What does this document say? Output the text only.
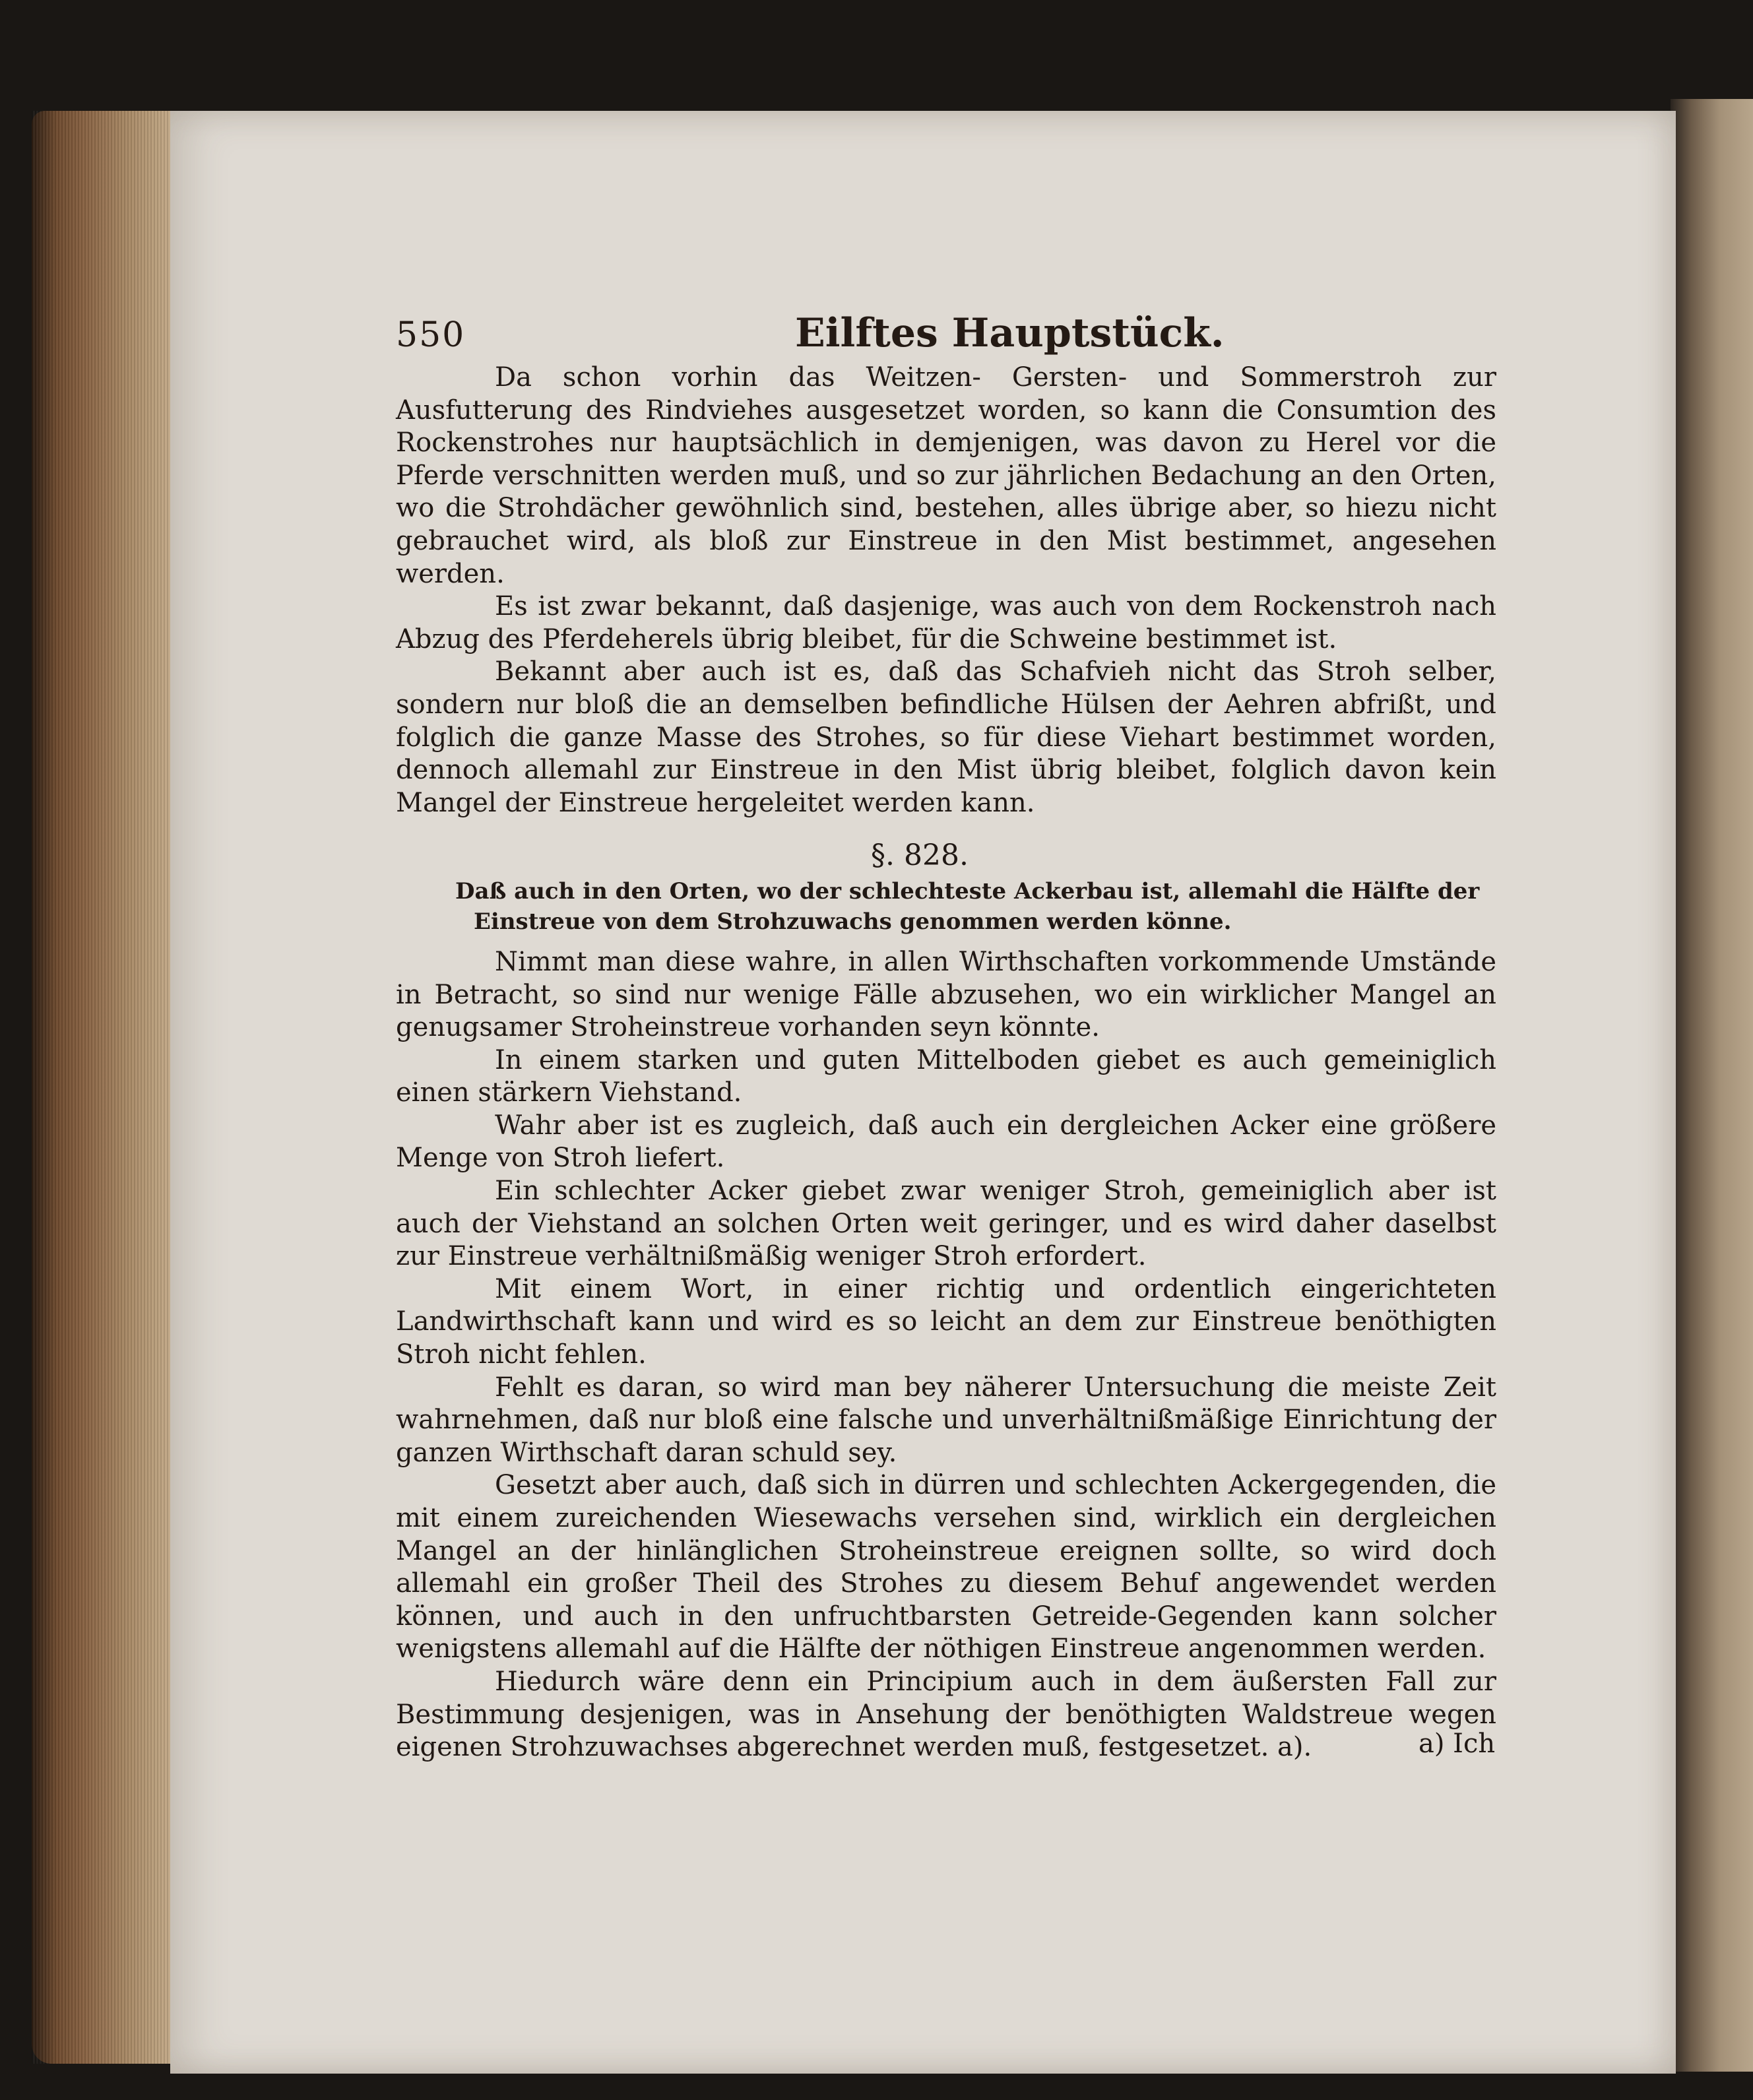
550	Eilftes Hauptstück.

Da schon vorhin das Weitzen- Gersten- und Sommerstroh zur Ausfutterung des Rindviehes ausgesetzet worden, so kann die Consumtion des Rockenstrohes nur hauptsächlich in demjenigen, was davon zu Herel vor die Pferde verschnitten werden muß, und so zur jährlichen Bedachung an den Orten, wo die Strohdächer gewöhnlich sind, bestehen, alles übrige aber, so hiezu nicht gebrauchet wird, als bloß zur Einstreue in den Mist bestimmet, angesehen werden.

Es ist zwar bekannt, daß dasjenige, was auch von dem Rockenstroh nach Abzug des Pferdeherels übrig bleibet, für die Schweine bestimmet ist.

Bekannt aber auch ist es, daß das Schafvieh nicht das Stroh selber, sondern nur bloß die an demselben befindliche Hülsen der Aehren abfrißt, und folglich die ganze Masse des Strohes, so für diese Viehart bestimmet worden, dennoch allemahl zur Einstreue in den Mist übrig bleibet, folglich davon kein Mangel der Einstreue hergeleitet werden kann.

§. 828.
Daß auch in den Orten, wo der schlechteste Ackerbau ist, allemahl die Hälfte der
Einstreue von dem Strohzuwachs genommen werden könne.

Nimmt man diese wahre, in allen Wirthschaften vorkommende Umstände in Betracht, so sind nur wenige Fälle abzusehen, wo ein wirklicher Mangel an genugsamer Stroheinstreue vorhanden seyn könnte.

In einem starken und guten Mittelboden giebet es auch gemeiniglich einen stärkern Viehstand.

Wahr aber ist es zugleich, daß auch ein dergleichen Acker eine größere Menge von Stroh liefert.

Ein schlechter Acker giebet zwar weniger Stroh, gemeiniglich aber ist auch der Viehstand an solchen Orten weit geringer, und es wird daher daselbst zur Einstreue verhältnißmäßig weniger Stroh erfordert.

Mit einem Wort, in einer richtig und ordentlich eingerichteten Landwirthschaft kann und wird es so leicht an dem zur Einstreue benöthigten Stroh nicht fehlen.

Fehlt es daran, so wird man bey näherer Untersuchung die meiste Zeit wahrnehmen, daß nur bloß eine falsche und unverhältnißmäßige Einrichtung der ganzen Wirthschaft daran schuld sey.

Gesetzt aber auch, daß sich in dürren und schlechten Ackergegenden, die mit einem zureichenden Wiesewachs versehen sind, wirklich ein dergleichen Mangel an der hinlänglichen Stroheinstreue ereignen sollte, so wird doch allemahl ein großer Theil des Strohes zu diesem Behuf angewendet werden können, und auch in den unfruchtbarsten Getreide-Gegenden kann solcher wenigstens allemahl auf die Hälfte der nöthigen Einstreue angenommen werden.

Hiedurch wäre denn ein Principium auch in dem äußersten Fall zur Bestimmung desjenigen, was in Ansehung der benöthigten Waldstreue wegen eigenen Strohzuwachses abgerechnet werden muß, festgesetzet. a).	a) Ich
